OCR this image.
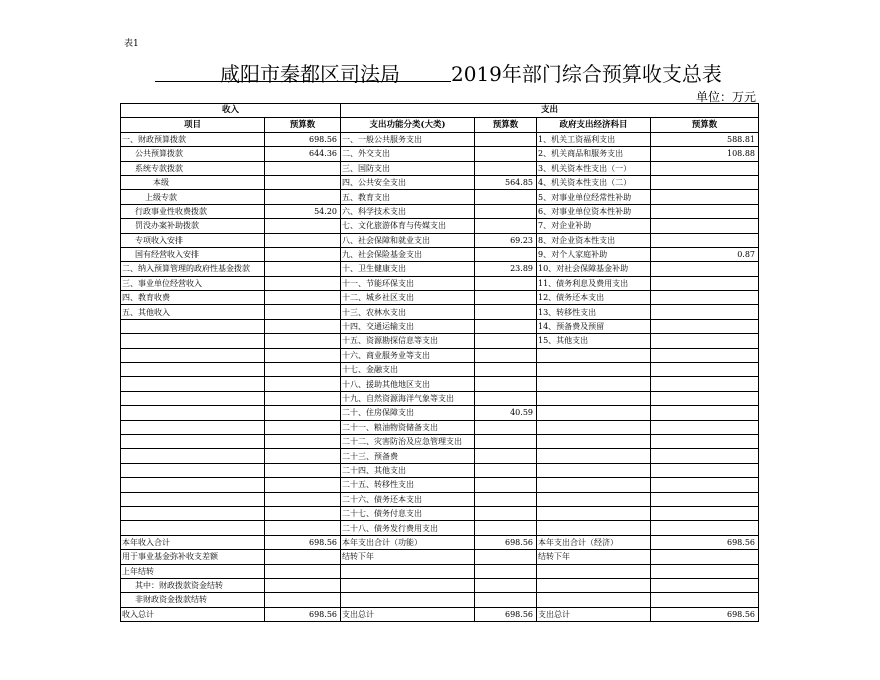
表1
咸阳市秦都区司法局	2019年部门综合预算收支总表
单位：万元
收入		支出			
项目	预算数	支出功能分类(大类)	预算数	政府支出经济科目	预算数
一、财政预算拨款	698.56	一、一般公共服务支出		1、机关工资福利支出	588.81
公共预算拨款	644.36	二、外交支出		2、机关商品和服务支出	108.88
系统专款拨款		三、国防支出		3、机关资本性支出（一）	
本级		四、公共安全支出	564.85	4、机关资本性支出（二）	
上级专款		五、教育支出		5、对事业单位经常性补助	
行政事业性收费拨款	54.20	六、科学技术支出		6、对事业单位资本性补助	
罚没办案补助拨款		七、文化旅游体育与传媒支出		7、对企业补助	
专项收入安排		八、社会保障和就业支出	69.23	8、对企业资本性支出	
国有经营收入安排		九、社会保险基金支出		9、对个人家庭补助	0.87
二、纳入预算管理的政府性基金拨款		十、卫生健康支出	23.89	10、对社会保障基金补助	
三、事业单位经营收入		十一、节能环保支出		11、债务利息及费用支出	
四、教育收费		十二、城乡社区支出		12、债务还本支出	
五、其他收入		十三、农林水支出		13、转移性支出	
		十四、交通运输支出		14、预备费及预留	
		十五、资源勘探信息等支出		15、其他支出	
		十六、商业服务业等支出			
		十七、金融支出			
		十八、援助其他地区支出			
		十九、自然资源海洋气象等支出			
		二十、住房保障支出	40.59		
		二十一、粮油物资储备支出			
		二十二、灾害防治及应急管理支出			
		二十三、预备费			
		二十四、其他支出			
		二十五、转移性支出			
		二十六、债务还本支出			
		二十七、债务付息支出			
		二十八、债务发行费用支出			
本年收入合计	698.56	本年支出合计（功能）	698.56	本年支出合计（经济）	698.56
用于事业基金弥补收支差额		结转下年		结转下年	
上年结转					
其中：财政拨款资金结转					
非财政资金拨款结转					
收入总计	698.56	支出总计	698.56	支出总计	698.56
